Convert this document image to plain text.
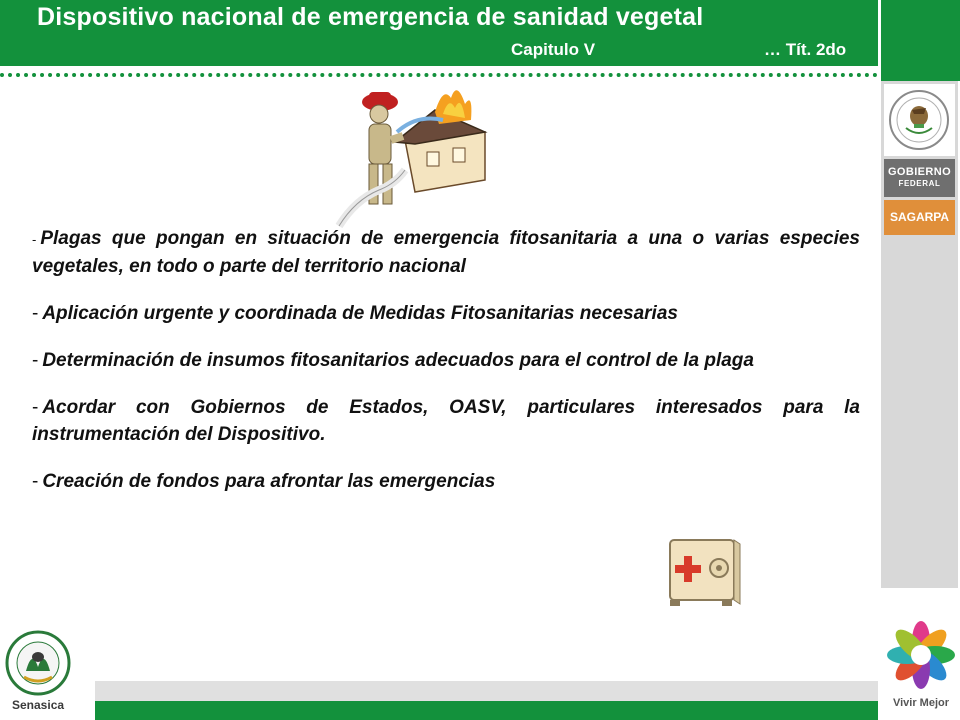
Dispositivo nacional de emergencia de sanidad vegetal
Capitulo V	… Tít. 2do
GOBIERNO
FEDERAL
SAGARPA
Vivir Mejor
Senasica

- Plagas que pongan en situación de emergencia fitosanitaria a una o varias especies vegetales, en todo o parte del territorio nacional

- Aplicación urgente y coordinada de Medidas Fitosanitarias necesarias

- Determinación de insumos fitosanitarios adecuados para el control de la plaga

- Acordar con Gobiernos de Estados, OASV, particulares interesados para la instrumentación del Dispositivo.

- Creación de fondos para afrontar las emergencias
